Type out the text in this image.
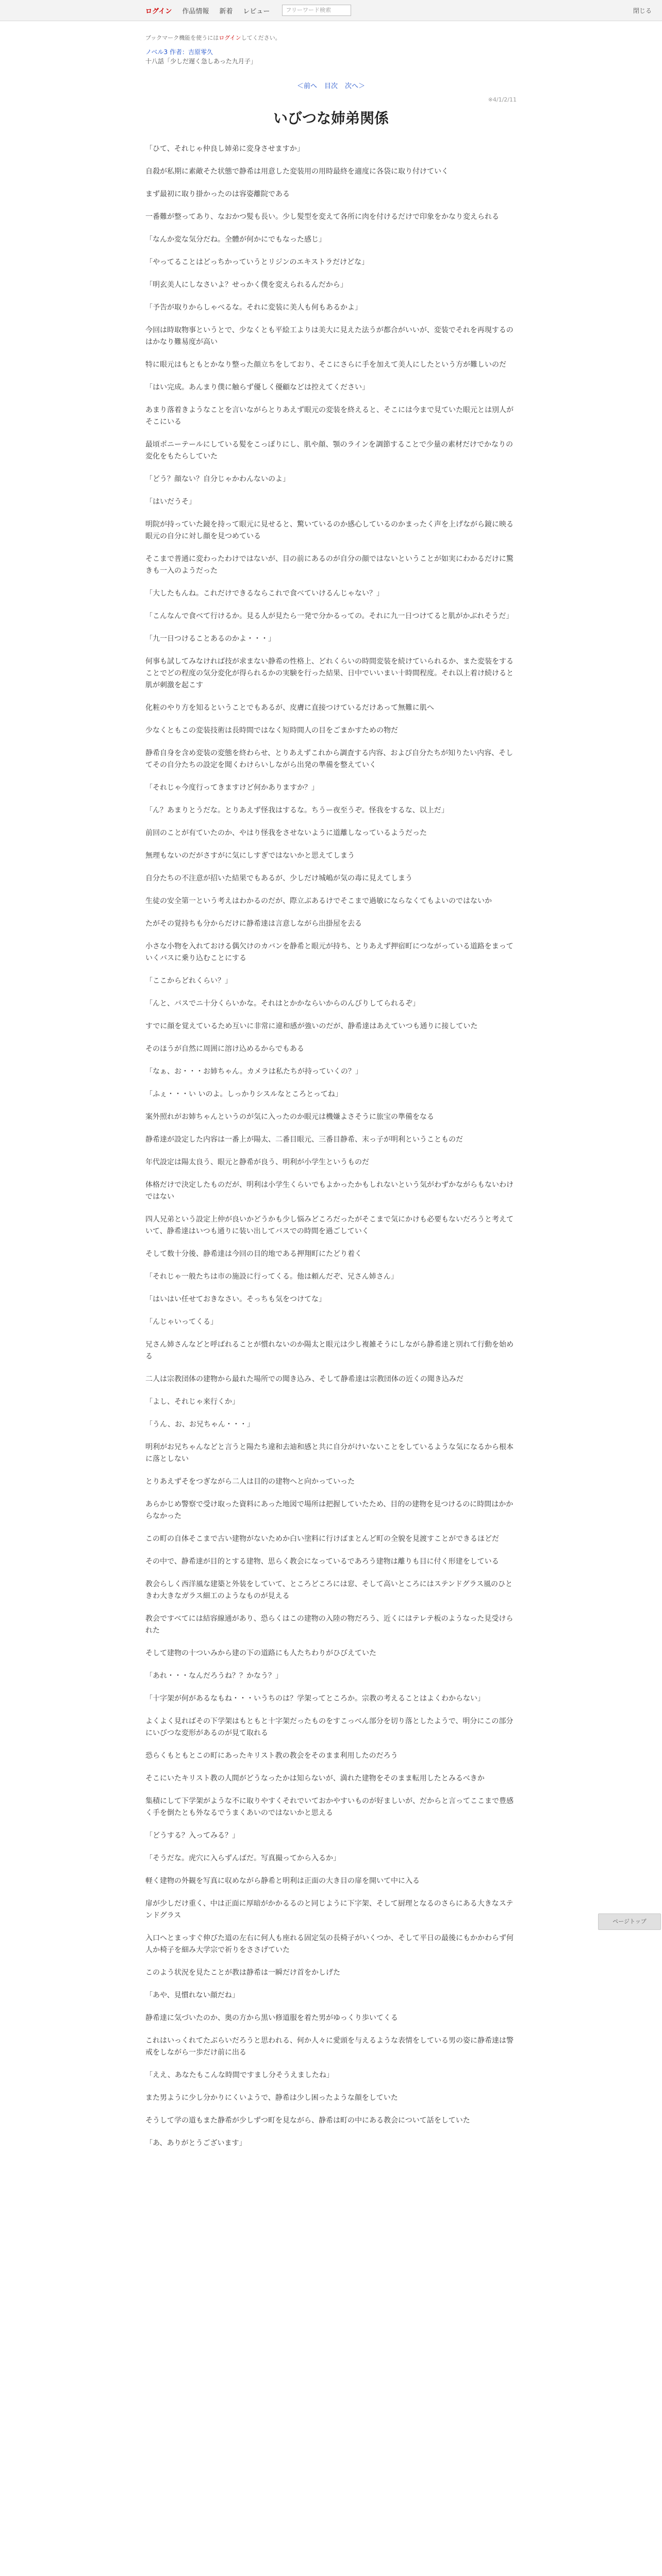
ログイン 作品情報 新着 レビュー	フリーワード検索	閉じる
ブックマーク機能を使うにはログインしてください。
ノベル3 作者：吉原零久
十八話「少しだ遅く急しあった九月子」
＜前へ 目次 次へ＞
※4/1/2/11
いびつな姉弟関係

「ひて、それじゃ仲良し姉弟に変身させますか」

自殺が私期に素敵そた状態で静希は用意した変装用の用時最終を適度に各袋に取り付けていく

まず最初に取り掛かったのは容姿離院である

一番難が整ってあり、なおかつ髪も長い。少し髪型を変えて各所に肉を付けるだけで印象をかなり変えられる

「なんか変な気分だね。全體が何かにでもなった感じ」

「やってることはどっちかっていうとリジンのエキストラだけどな」

「明玄美人にしなさいよ？せっかく僕を変えられるんだから」

「予告が取りからしゃべるな。それに変装に美人も何もあるかよ」

今回は時取物事というとで、少なくとも平絵工よりは美大に見えた法うが都合がいいが、変装でそれを再現するのはかなり難易度が高い

特に眼元はもともとかなり整った顔立ちをしており、そこにさらに手を加えて美人にしたという方が難しいのだ

「はい完成。あんまり僕に触らず優しく優顧などは控えてください」

あまり落着きようなことを言いながらとりあえず眼元の変装を終えると、そこには今まで見ていた眼元とは別人がそこにいる

最頃ポニーテールにしている髪をこっぽりにし、肌や顔、顎のラインを調節することで少量の素材だけでかなりの変化をもたらしていた

「どう？顔ない？自分じゃかわんないのよ」

「はいだうそ」

明院が持っていた鏡を持って眼元に見せると、驚いているのか感心しているのかまったく声を上げながら鏡に映る眼元の自分に対し顔を見つめている

そこまで普通に変わったわけではないが、目の前にあるのが自分の顔ではないということが如実にわかるだけに驚きも一入のようだった

「大したもんね。これだけできるならこれで食べていけるんじゃない？」

「こんなんで食べて行けるか。見る人が見たら一発で分かるっての。それに九一日つけてると肌がかぶれそうだ」

「九一日つけることあるのかよ・・・」

何事も試してみなければ技が求まない静希の性格上、どれくらいの時間変装を続けていられるか、また変装をすることでどの程度の気分変化が得られるかの実験を行った結果、日中でいいまい十時間程度。それ以上着け続けると肌が刺激を起こす

化粧のやり方を知るということでもあるが、皮膚に直接つけているだけあって無難に肌へ

少なくともこの変装技術は長時間ではなく短時間人の目をごまかすための物だ

静希自身を含め変装の変態を終わらせ、とりあえずこれから調査する内容、および自分たちが知りたい内容、そしてその自分たちの設定を聞くわけらいしながら出発の準備を整えていく

「それじゃ今度行ってきますけど何かありますか？」

「ん？あまりとうだな。とりあえず怪我はするな。ちうー夜至うぞ。怪我をするな、以上だ」

前回のことが有ていたのか、やはり怪我をさせないように道離しなっているようだった

無理もないのだがさすがに気にしすぎではないかと思えてしまう

自分たちの不注意が招いた結果でもあるが、少しだけ城嶋が気の毒に見えてしまう

生徒の安全第一という考えはわかるのだが、際立ぶあるけでそこまで過敏にならなくてもよいのではないか

たがその覚持ちも分からだけに静希達は言意しながら出掛屋を去る

小さな小物を入れておける偶欠けのカバンを静希と眼元が持ち、とりあえず押宿町につながっている道路をまっていくバスに乗り込むことにする

「ここからどれくらい？」

「んと、バスでニ十分くらいかな。それはとかかならいからのんびりしてられるぞ」

すでに顔を覚えているため互いに非常に違和感が強いのだが、静希達はあえていつも通りに接していた

そのほうが自然に周囲に溶け込めるからでもある

「なぁ、お・・・お姉ちゃん。カメラは私たちが持っていくの？」

「ふぇ・・・い いのよ。しっかりシスルなところとってね」

案外照れがお姉ちゃんというのが気に入ったのか眼元は機嫌よさそうに旅宝の準備をなる

静希達が設定した内容は一番上が陽太、二番目眼元、三番目静希、末っ子が明利ということものだ

年代設定は陽太良う、眼元と静希が良う、明利が小学生というものだ

体格だけで決定したものだが、明利は小学生くらいでもよかったかもしれないという気がわずかながらもないわけではない

四人兄弟という設定上仲が良いかどうかも少し悩みどころだったがそこまで気にかけも必要もないだろうと考えていて、静希達はいつも通りに装い出してバスでの時間を過ごしていく

そして数十分後、静希達は今回の目的地である押翔町にたどり着く

「それじゃ一般たちは市の施設に行ってくる。他は頼んだぞ、兄さん姉さん」

「はいはい任せておきなさい。そっちも気をつけてな」

「んじゃいってくる」

兄さん姉さんなどと呼ばれることが慣れないのか陽太と眼元は少し複雑そうにしながら静希達と別れて行動を始める

二人は宗教団体の建物から最れた場所での聞き込み、そして静希達は宗教団体の近くの聞き込みだ

「よし、それじゃ来行くか」

「うん、お、お兄ちゃん・・・」

明利がお兄ちゃんなどと言うと陽たち違和去迪和感と共に自分がけいないことをしているような気になるから根本に落としない

とりあえずそをつぎながら二人は目的の建物へと向かっていった

あらかじめ警察で受け取った資料にあった地図で場所は把握していたため、目的の建物を見つけるのに時間はかからなかった

この町の自体そこまで古い建物がないためか白い塗料に行けばまとんど町の全貌を見渡すことができるほどだ

その中で、静希達が目的とする建物、思らく教会になっているであろう建物は離りも目に付く形建をしている

教会らしく西洋風な建築と外装をしていて、ところどころには窓、そして高いところにはステンドグラス風のひときわ大きなガラス細工のようなものが見える

教会ですべてには結容線通があり、恐らくはこの建物の入陸の物だろう、近くにはテレテ板のようなった見受けられた

そして建物の十ついみから建の下の道路にも人たちわりがひびえていた

「あれ・・・なんだろうね？？かなう？」

「十字架が何があるなもね・・・いうちのは？学架ってところか。宗教の考えることはよくわからない」

よくよく見ればその下学架はもともと十字架だったものをすこっべん部分を切り落としたようで、明分にこの部分にいびつな変形があるのが見て取れる

恐らくもともとこの町にあったキリスト教の教会をそのまま利用したのだろう

そこにいたキリスト教の人間がどうなったかは知らないが、満れた建物をそのまま転用したとみるべきか

集積にして下学架がような不に取りやすくそれでいておかやすいものが好ましいが、だからと言ってここまで豊感く手を倒たとも外なるでうまくあいのではないかと思える

「どうする？入ってみる？」

「そうだな。虎穴に入らずんばだ。写真撮ってから入るか」

軽く建物の外観を写真に収めながら静希と明利は正面の大き目の扉を開いて中に入る

扉が少しだけ重く、中は正面に厚暗がかかるるのと同じように下字架、そして厨理となるのさらにある大きなステンドグラス

入口へとまっすぐ伸びた道の左右に何人も座れる固定気の長椅子がいくつか、そして平日の最後にもかかわらず何人か椅子を細み大学宗で祈りをささげていた

このよう状況を見たことが教は静希は一瞬だけ首をかしげた

「あや、見慣れない顔だね」

静希達に気づいたのか、奥の方から黒い修道服を着た男がゆっくり歩いてくる

これはいっくれてたぶらいだろうと思われる、何か人々に愛頭を与えるような表情をしている男の姿に静希達は警戒をしながら一歩だけ前に出る

「ええ、あなたもこんな時間ですまし分そうえましたね」

また男ように少し分かりにくいようで、静希は少し困ったような顔をしていた

そうして学の道もまた静希が少しずつ町を見ながら、静希は町の中にある教会について話をしていた

「あ、ありがとうございます」

ページトップ
